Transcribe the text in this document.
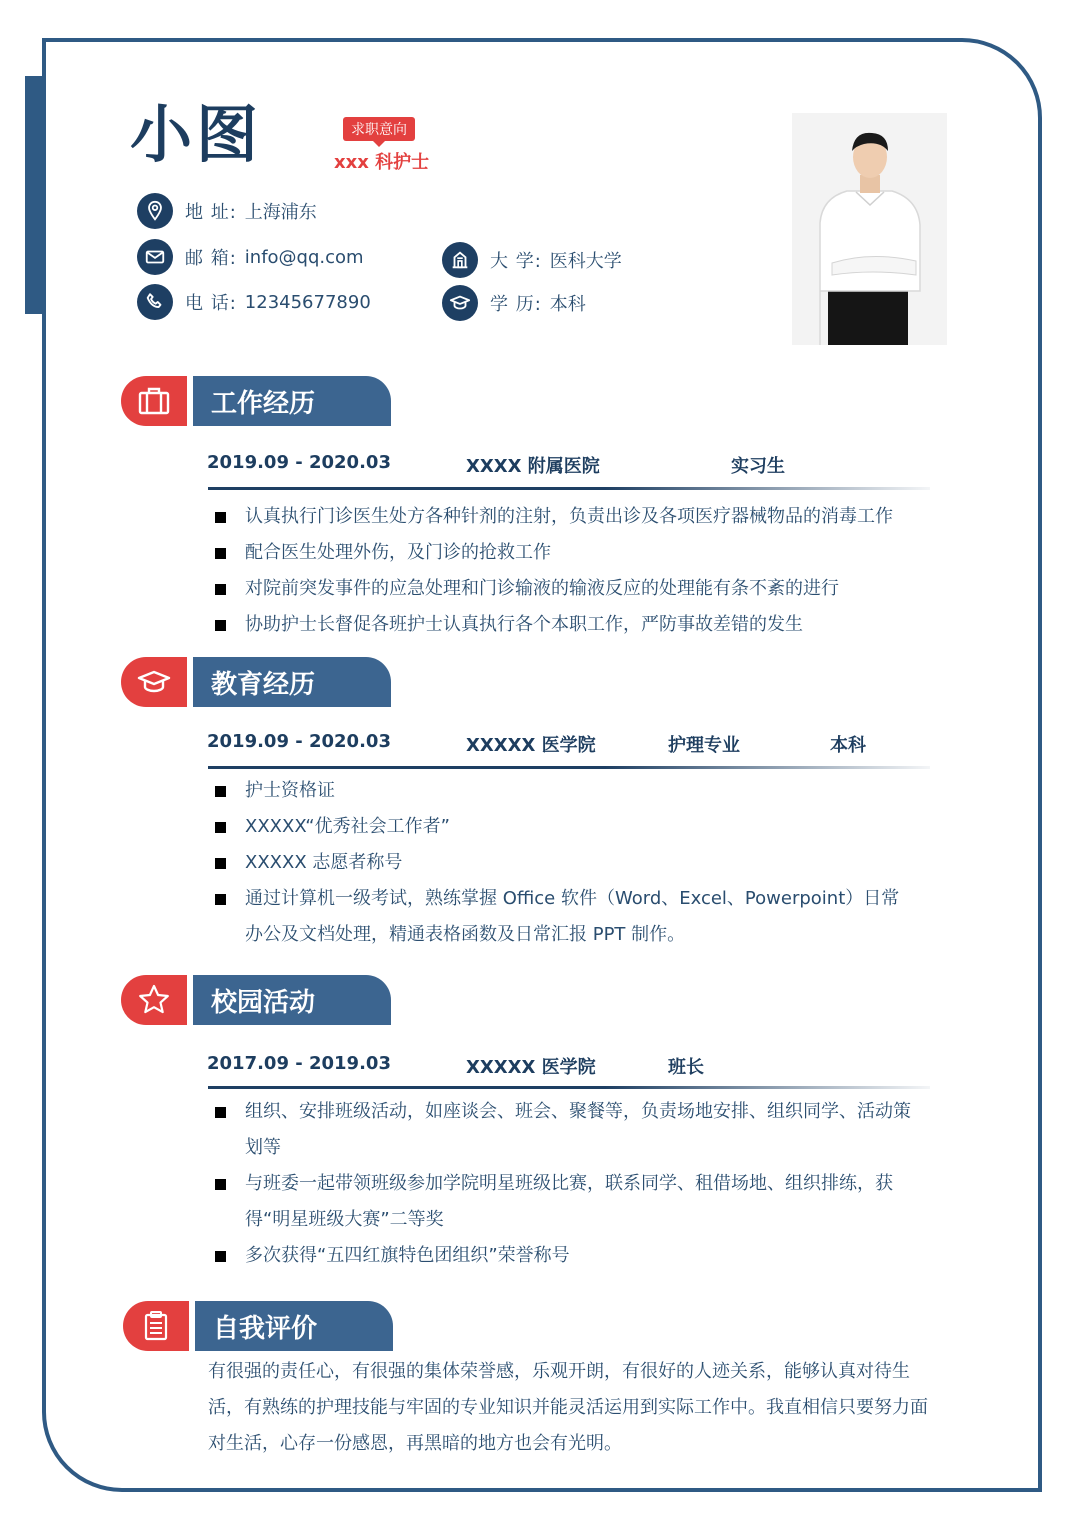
小图	求职意向
xxx 科护士
地 址: 上海浦东
邮 箱: info@qq.com
电 话: 12345677890
大 学: 医科大学
学 历: 本科
工作经历
2019.09 - 2020.03	XXXX 附属医院	实习生
认真执行门诊医生处方各种针剂的注射，负责出诊及各项医疗器械物品的消毒工作
配合医生处理外伤，及门诊的抢救工作
对院前突发事件的应急处理和门诊输液的输液反应的处理能有条不紊的进行
协助护士长督促各班护士认真执行各个本职工作，严防事故差错的发生
教育经历
2019.09 - 2020.03	XXXXX 医学院	护理专业	本科
护士资格证
XXXXX“优秀社会工作者”
XXXXX 志愿者称号
通过计算机一级考试，熟练掌握 Office 软件（Word、Excel、Powerpoint）日常办公及文档处理，精通表格函数及日常汇报 PPT 制作。
校园活动
2017.09 - 2019.03	XXXXX 医学院	班长
组织、安排班级活动，如座谈会、班会、聚餐等，负责场地安排、组织同学、活动策划等
与班委一起带领班级参加学院明星班级比赛，联系同学、租借场地、组织排练，获得“明星班级大赛”二等奖
多次获得“五四红旗特色团组织”荣誉称号
自我评价
有很强的责任心，有很强的集体荣誉感，乐观开朗，有很好的人迹关系，能够认真对待生活，有熟练的护理技能与牢固的专业知识并能灵活运用到实际工作中。我直相信只要努力面对生活，心存一份感恩，再黑暗的地方也会有光明。
